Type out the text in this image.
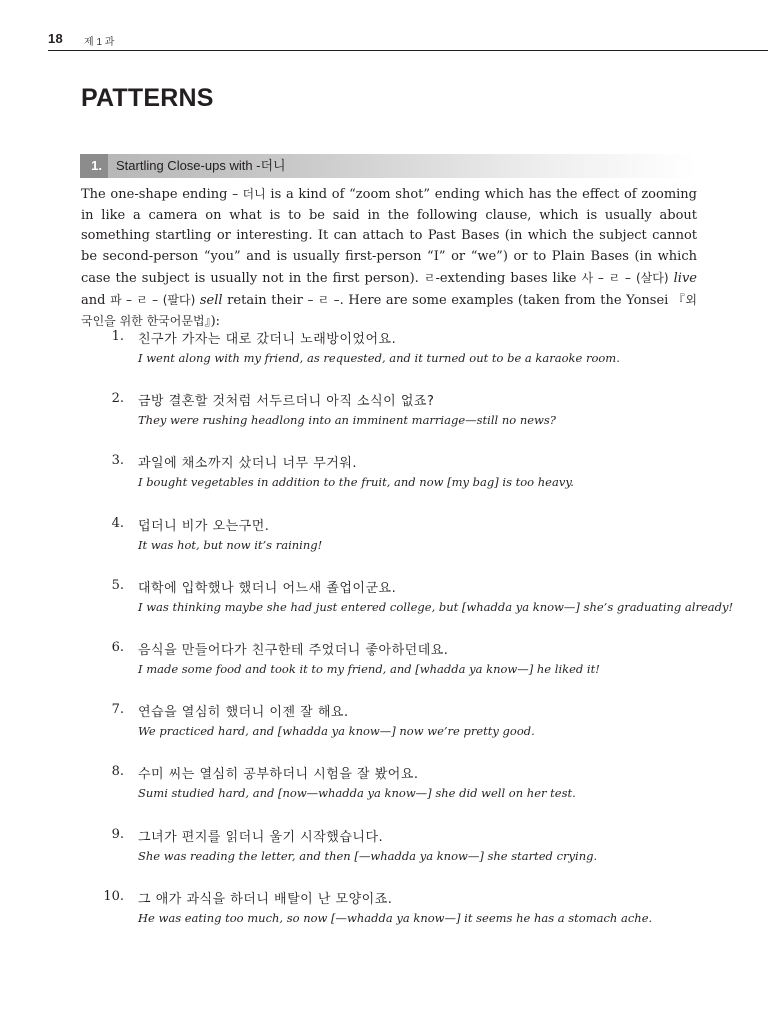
18 제 1 과
PATTERNS
1.	Startling Close-ups with -더니

The one-shape ending – 더니 is a kind of “zoom shot” ending which has the effect of zooming in like a camera on what is to be said in the following clause, which is usually about something startling or interesting. It can attach to Past Bases (in which the subject cannot be second-person “you” and is usually first-person “I” or “we”) or to Plain Bases (in which case the subject is usually not in the first person). ㄹ-extending bases like 사 – ㄹ – (살다) live and 파 – ㄹ – (팔다) sell retain their – ㄹ –. Here are some examples (taken from the Yonsei 『외국인을 위한 한국어문법』):

1. 친구가 가자는 대로 갔더니 노래방이었어요.
I went along with my friend, as requested, and it turned out to be a karaoke room.
2. 금방 결혼할 것처럼 서두르더니 아직 소식이 없죠?
They were rushing headlong into an imminent marriage—still no news?
3. 과일에 채소까지 샀더니 너무 무거워.
I bought vegetables in addition to the fruit, and now [my bag] is too heavy.
4. 덥더니 비가 오는구먼.
It was hot, but now it’s raining!
5. 대학에 입학했나 했더니 어느새 졸업이군요.
I was thinking maybe she had just entered college, but [whadda ya know—] she’s graduating already!
6. 음식을 만들어다가 친구한테 주었더니 좋아하던데요.
I made some food and took it to my friend, and [whadda ya know—] he liked it!
7. 연습을 열심히 했더니 이젠 잘 해요.
We practiced hard, and [whadda ya know—] now we’re pretty good.
8. 수미 씨는 열심히 공부하더니 시험을 잘 봤어요.
Sumi studied hard, and [now—whadda ya know—] she did well on her test.
9. 그녀가 편지를 읽더니 울기 시작했습니다.
She was reading the letter, and then [—whadda ya know—] she started crying.
10. 그 애가 과식을 하더니 배탈이 난 모양이죠.
He was eating too much, so now [—whadda ya know—] it seems he has a stomach ache.
